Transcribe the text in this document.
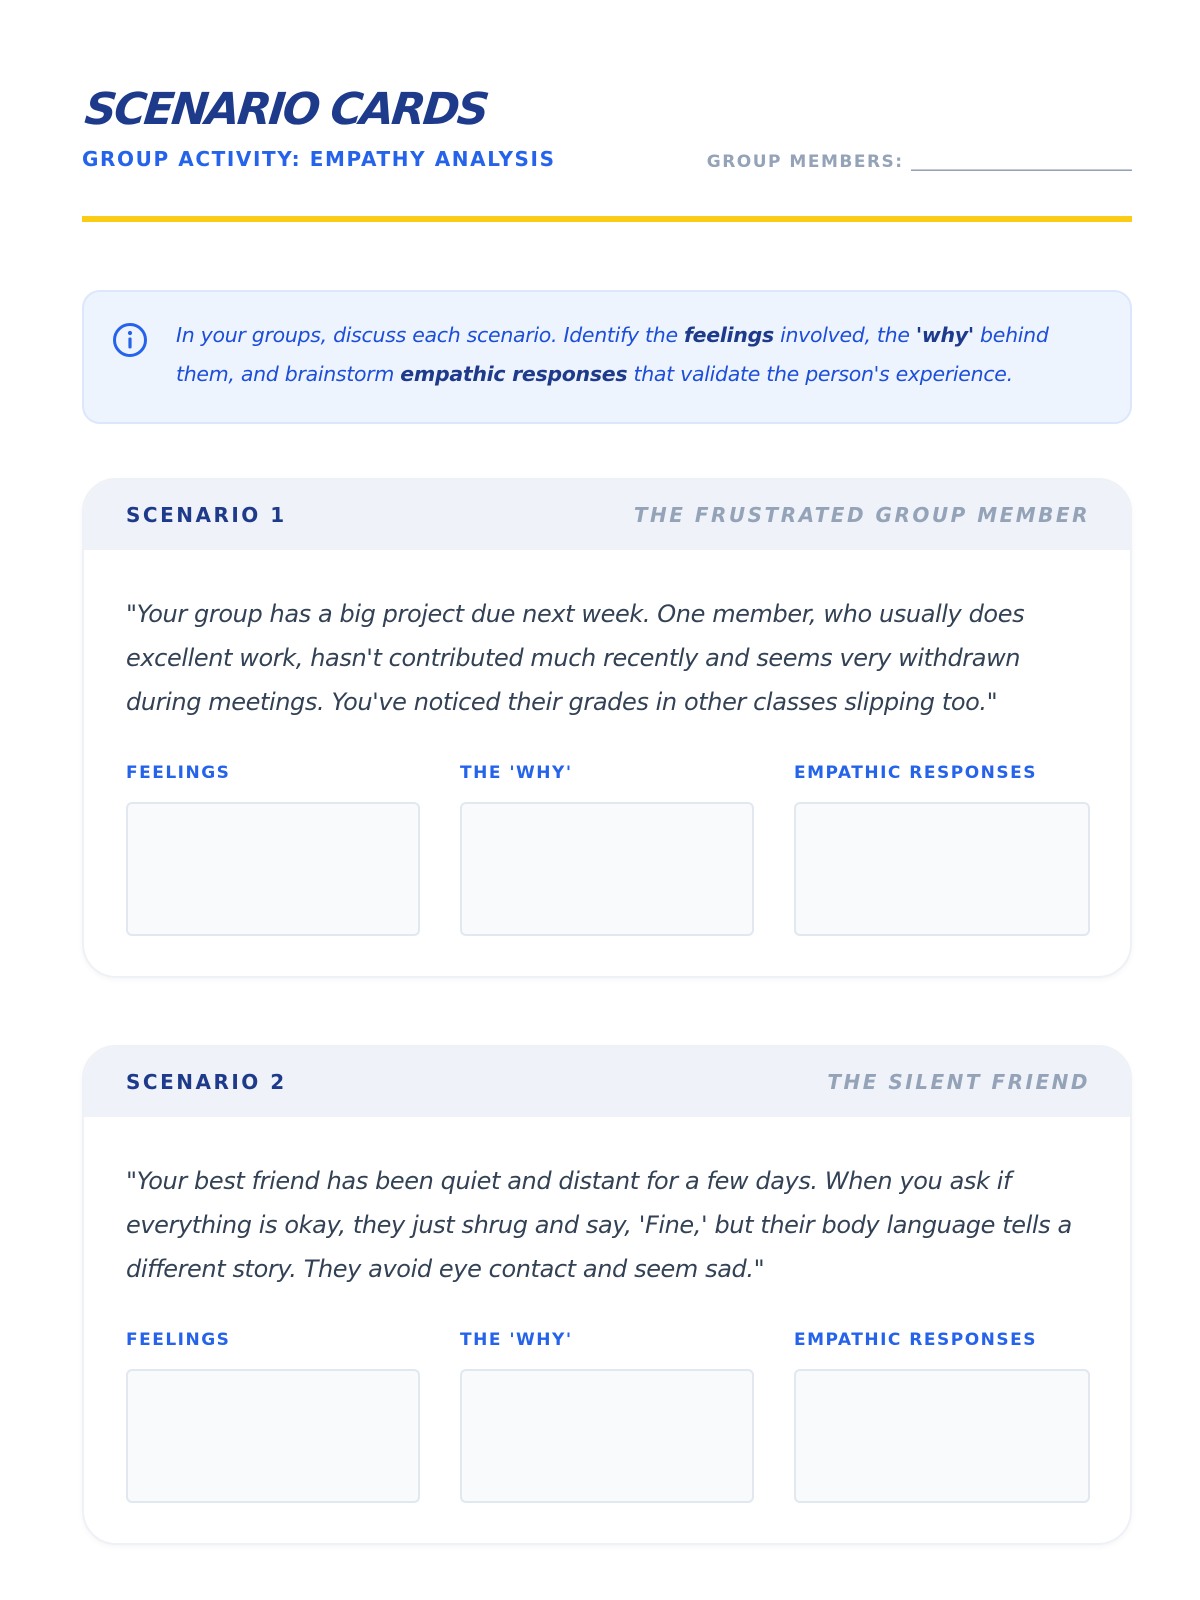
SCENARIO CARDS
GROUP ACTIVITY: EMPATHY ANALYSIS	GROUP MEMBERS: __________________________
In your groups, discuss each scenario. Identify the feelings involved, the 'why' behind them, and brainstorm empathic responses that validate the person's experience.
SCENARIO 1	THE FRUSTRATED GROUP MEMBER

"Your group has a big project due next week. One member, who usually does excellent work, hasn't contributed much recently and seems very withdrawn during meetings. You've noticed their grades in other classes slipping too."

FEELINGS	THE 'WHY'	EMPATHIC RESPONSES
SCENARIO 2	THE SILENT FRIEND

"Your best friend has been quiet and distant for a few days. When you ask if everything is okay, they just shrug and say, 'Fine,' but their body language tells a different story. They avoid eye contact and seem sad."

FEELINGS	THE 'WHY'	EMPATHIC RESPONSES
